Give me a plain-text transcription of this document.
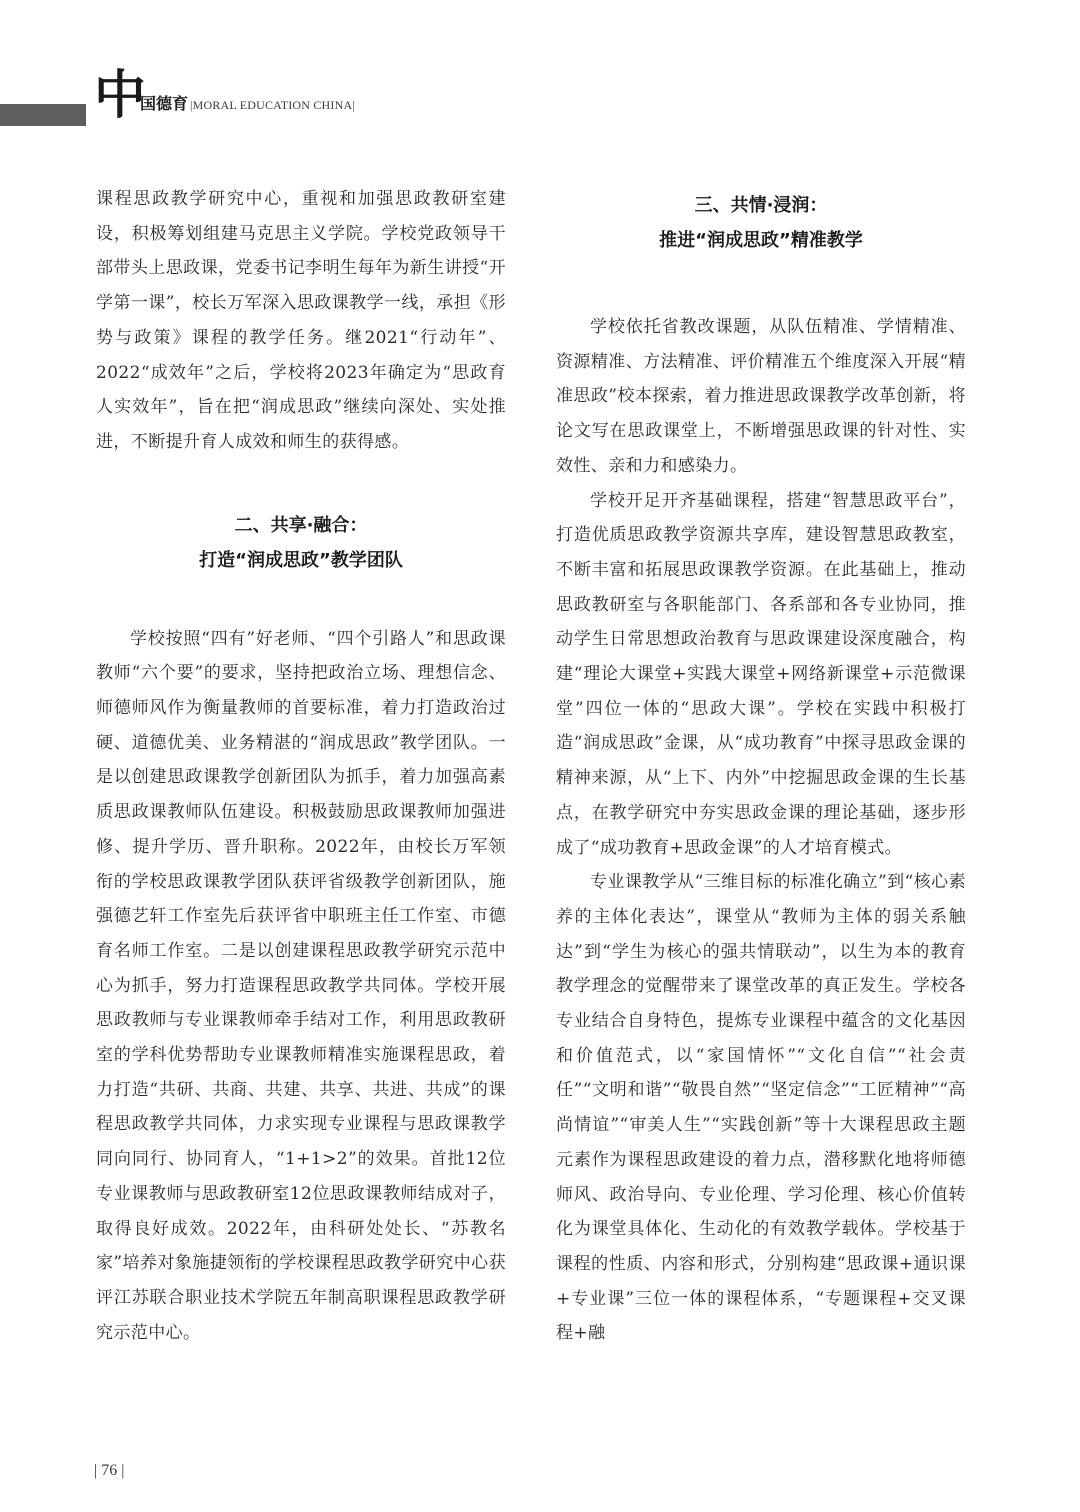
中
国德育 |MORAL EDUCATION CHINA|

课程思政教学研究中心，重视和加强思政教研室建设，积极筹划组建马克思主义学院。学校党政领导干部带头上思政课，党委书记李明生每年为新生讲授“开学第一课”，校长万军深入思政课教学一线，承担《形势与政策》课程的教学任务。继2021“行动年”、2022“成效年”之后，学校将2023年确定为“思政育人实效年”，旨在把“润成思政”继续向深处、实处推进，不断提升育人成效和师生的获得感。

二、共享·融合：
打造“润成思政”教学团队

学校按照“四有”好老师、“四个引路人”和思政课教师“六个要”的要求，坚持把政治立场、理想信念、师德师风作为衡量教师的首要标准，着力打造政治过硬、道德优美、业务精湛的“润成思政”教学团队。一是以创建思政课教学创新团队为抓手，着力加强高素质思政课教师队伍建设。积极鼓励思政课教师加强进修、提升学历、晋升职称。2022年，由校长万军领衔的学校思政课教学团队获评省级教学创新团队，施强德艺轩工作室先后获评省中职班主任工作室、市德育名师工作室。二是以创建课程思政教学研究示范中心为抓手，努力打造课程思政教学共同体。学校开展思政教师与专业课教师牵手结对工作，利用思政教研室的学科优势帮助专业课教师精准实施课程思政，着力打造“共研、共商、共建、共享、共进、共成”的课程思政教学共同体，力求实现专业课程与思政课教学同向同行、协同育人，“1+1>2”的效果。首批12位专业课教师与思政教研室12位思政课教师结成对子，取得良好成效。2022年，由科研处处长、“苏教名家”培养对象施捷领衔的学校课程思政教学研究中心获评江苏联合职业技术学院五年制高职课程思政教学研究示范中心。

三、共情·浸润：
推进“润成思政”精准教学

学校依托省教改课题，从队伍精准、学情精准、资源精准、方法精准、评价精准五个维度深入开展“精准思政”校本探索，着力推进思政课教学改革创新，将论文写在思政课堂上，不断增强思政课的针对性、实效性、亲和力和感染力。

学校开足开齐基础课程，搭建“智慧思政平台”，打造优质思政教学资源共享库，建设智慧思政教室，不断丰富和拓展思政课教学资源。在此基础上，推动思政教研室与各职能部门、各系部和各专业协同，推动学生日常思想政治教育与思政课建设深度融合，构建“理论大课堂+实践大课堂+网络新课堂+示范微课堂”四位一体的“思政大课”。学校在实践中积极打造“润成思政”金课，从“成功教育”中探寻思政金课的精神来源，从“上下、内外”中挖掘思政金课的生长基点，在教学研究中夯实思政金课的理论基础，逐步形成了“成功教育+思政金课”的人才培育模式。

专业课教学从“三维目标的标准化确立”到“核心素养的主体化表达”，课堂从“教师为主体的弱关系触达”到“学生为核心的强共情联动”，以生为本的教育教学理念的觉醒带来了课堂改革的真正发生。学校各专业结合自身特色，提炼专业课程中蕴含的文化基因和价值范式，以“家国情怀”“文化自信”“社会责任”“文明和谐”“敬畏自然”“坚定信念”“工匠精神”“高尚情谊”“审美人生”“实践创新”等十大课程思政主题元素作为课程思政建设的着力点，潜移默化地将师德师风、政治导向、专业伦理、学习伦理、核心价值转化为课堂具体化、生动化的有效教学载体。学校基于课程的性质、内容和形式，分别构建“思政课+通识课+专业课”三位一体的课程体系，“专题课程+交叉课程+融

| 76 |
